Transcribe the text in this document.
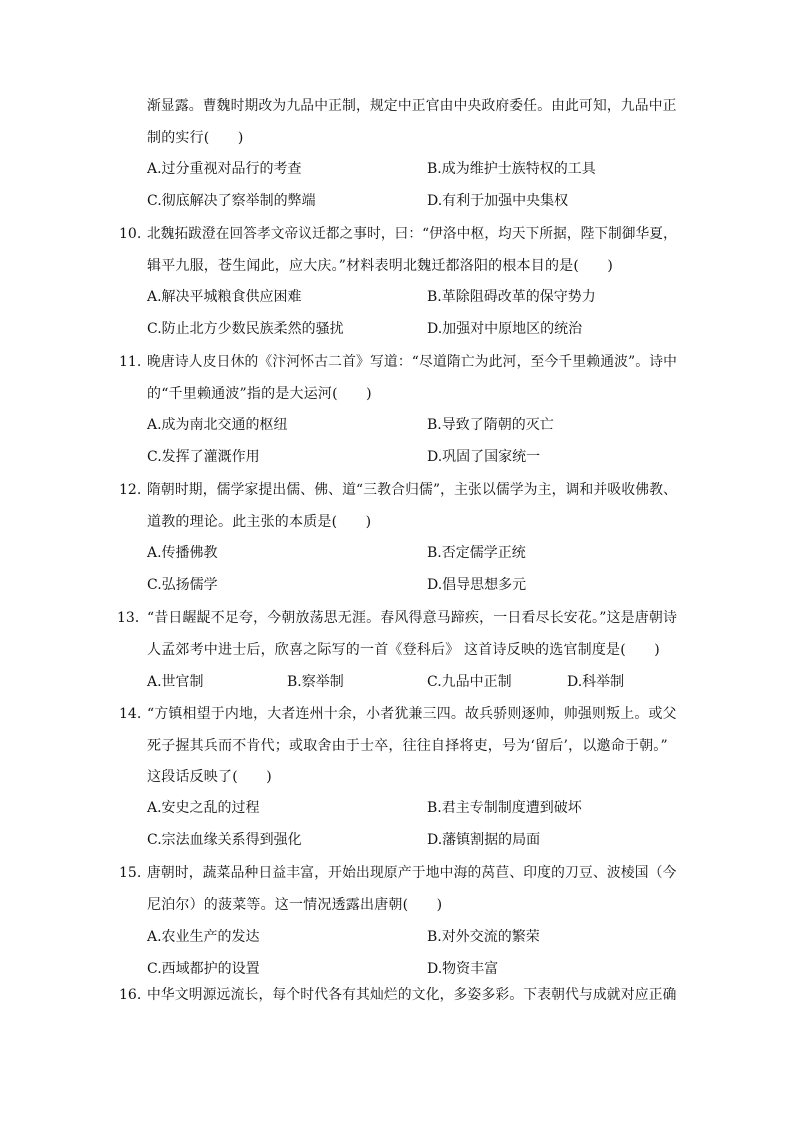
渐显露。曹魏时期改为九品中正制，规定中正官由中央政府委任。由此可知，九品中正
制的实行(　　)
A.过分重视对品行的考查	B.成为维护士族特权的工具
C.彻底解决了察举制的弊端	D.有利于加强中央集权
10. 北魏拓跋澄在回答孝文帝议迁都之事时，曰：“伊洛中枢，均天下所据，陛下制御华夏，
辑平九服，苍生闻此，应大庆。”材料表明北魏迁都洛阳的根本目的是(　　)
A.解决平城粮食供应困难	B.革除阻碍改革的保守势力
C.防止北方少数民族柔然的骚扰	D.加强对中原地区的统治
11. 晚唐诗人皮日休的《汴河怀古二首》写道：“尽道隋亡为此河，至今千里赖通波”。诗中
的“千里赖通波”指的是大运河(　　)
A.成为南北交通的枢纽	B.导致了隋朝的灭亡
C.发挥了灌溉作用	D.巩固了国家统一
12. 隋朝时期，儒学家提出儒、佛、道“三教合归儒”，主张以儒学为主，调和并吸收佛教、
道教的理论。此主张的本质是(　　)
A.传播佛教	B.否定儒学正统
C.弘扬儒学	D.倡导思想多元
13．
“昔日龌龊不足夸，今朝放荡思无涯。春风得意马蹄疾，一日看尽长安花。”这是唐朝诗
人孟郊考中进士后，欣喜之际写的一首《登科后》 这首诗反映的选官制度是(　　)
A.世官制	B.察举制	C.九品中正制	D.科举制
14. “方镇相望于内地，大者连州十余，小者犹兼三四。故兵骄则逐帅，帅强则叛上。或父
死子握其兵而不肯代；或取舍由于士卒，往往自择将吏，号为‘留后’，以邀命于朝。”
这段话反映了(　　)
A.安史之乱的过程	B.君主专制制度遭到破坏
C.宗法血缘关系得到强化	D.藩镇割据的局面
15. 唐朝时，蔬菜品种日益丰富，开始出现原产于地中海的莴苣、印度的刀豆、波棱国（今
尼泊尔）的菠菜等。这一情况透露出唐朝(　　)
A.农业生产的发达	B.对外交流的繁荣
C.西域都护的设置	D.物资丰富
16. 中华文明源远流长，每个时代各有其灿烂的文化，多姿多彩。下表朝代与成就对应正确
